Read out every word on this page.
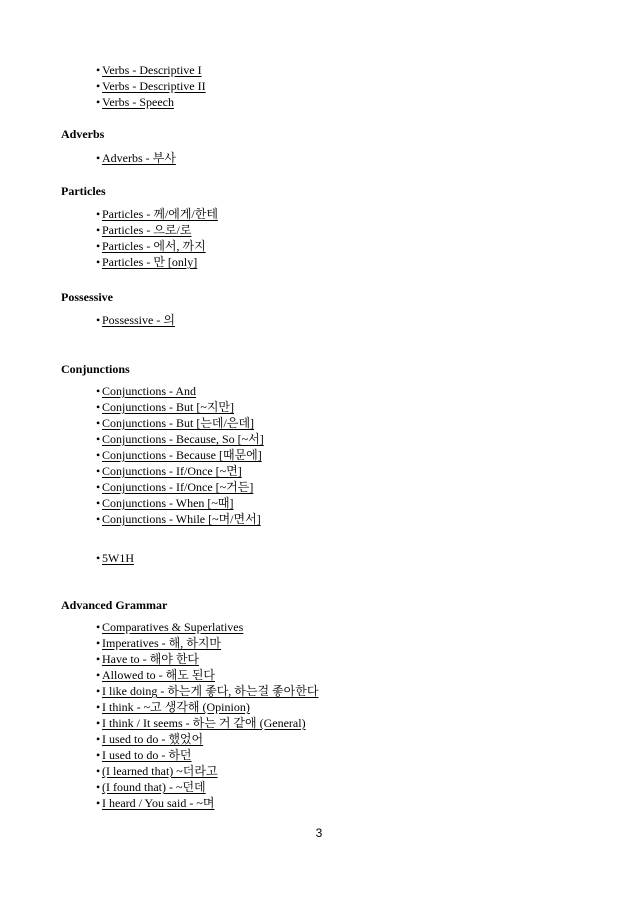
• Verbs - Descriptive I
• Verbs - Descriptive II
• Verbs - Speech
Adverbs
• Adverbs - 부사
Particles
• Particles - 께/에게/한테
• Particles - 으로/로
• Particles - 에서, 까지
• Particles - 만 [only]
Possessive
• Possessive - 의
Conjunctions
• Conjunctions - And
• Conjunctions - But [~지만]
• Conjunctions - But [는데/은데]
• Conjunctions - Because, So [~서]
• Conjunctions - Because [때문에]
• Conjunctions - If/Once [~면]
• Conjunctions - If/Once [~거든]
• Conjunctions - When [~때]
• Conjunctions - While [~며/면서]
• 5W1H
Advanced Grammar
• Comparatives & Superlatives
• Imperatives - 해, 하지마
• Have to - 해야 한다
• Allowed to - 해도 된다
• I like doing - 하는게 좋다, 하는걸 좋아한다
• I think - ~고 생각해 (Opinion)
• I think / It seems - 하는 거 같애 (General)
• I used to do - 했었어
• I used to do - 하던
• (I learned that) ~더라고
• (I found that) - ~던데
• I heard / You said - ~며
3
